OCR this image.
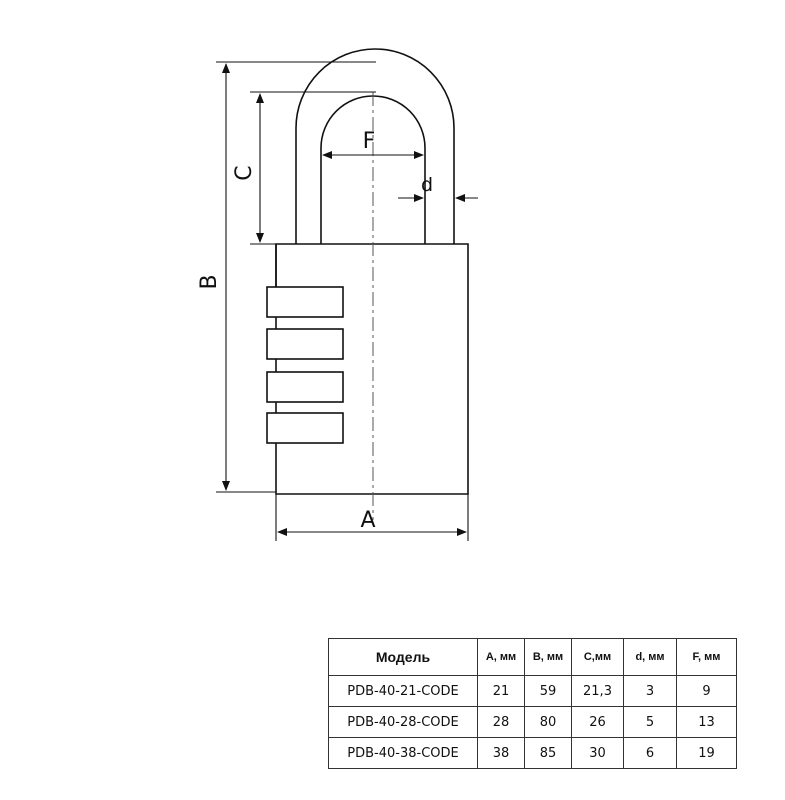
B
C
F
d
A
Модель	A, мм	B, мм	C,мм	d, мм	F, мм
PDB-40-21-CODE	21	59	21,3	3	9
PDB-40-28-CODE	28	80	26	5	13
PDB-40-38-CODE	38	85	30	6	19
